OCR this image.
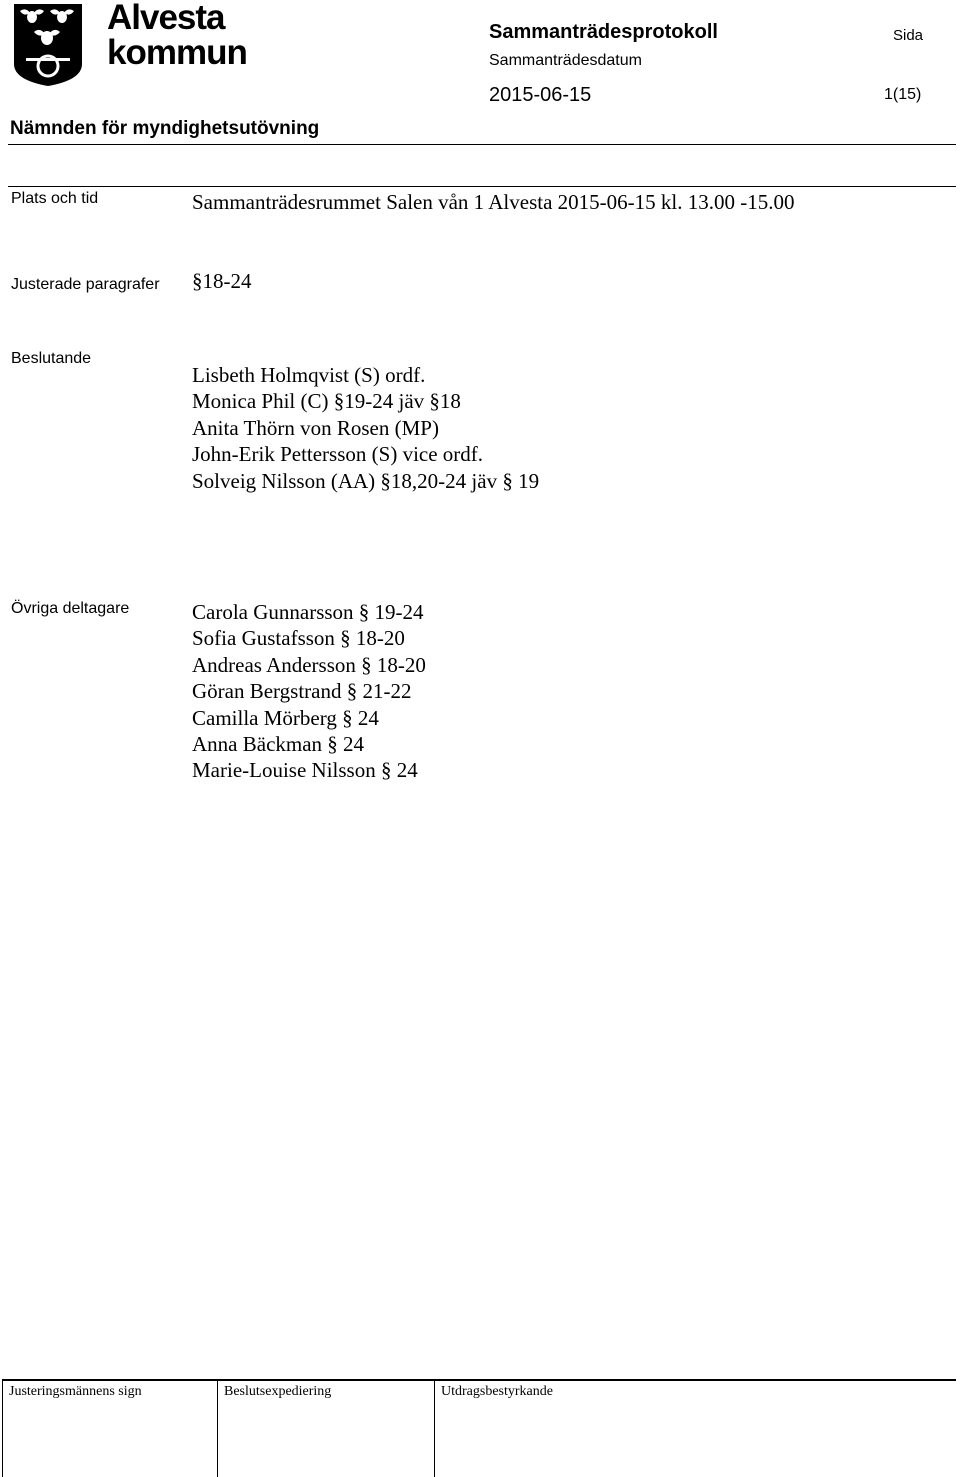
Alvesta
kommun
Sammanträdesprotokoll
Sammanträdesdatum
2015-06-15
Sida
1(15)
Nämnden för myndighetsutövning
Plats och tid	Sammanträdesrummet Salen vån 1 Alvesta 2015-06-15 kl. 13.00 -15.00
Justerade paragrafer §18-24
Beslutande
Lisbeth Holmqvist (S) ordf.
Monica Phil (C) §19-24 jäv §18
Anita Thörn von Rosen (MP)
John-Erik Pettersson (S) vice ordf.
Solveig Nilsson (AA) §18,20-24 jäv § 19
Övriga deltagare	Carola Gunnarsson § 19-24
Sofia Gustafsson § 18-20
Andreas Andersson § 18-20
Göran Bergstrand § 21-22
Camilla Mörberg § 24
Anna Bäckman § 24
Marie-Louise Nilsson § 24
Justeringsmännens sign	Beslutsexpediering	Utdragsbestyrkande
